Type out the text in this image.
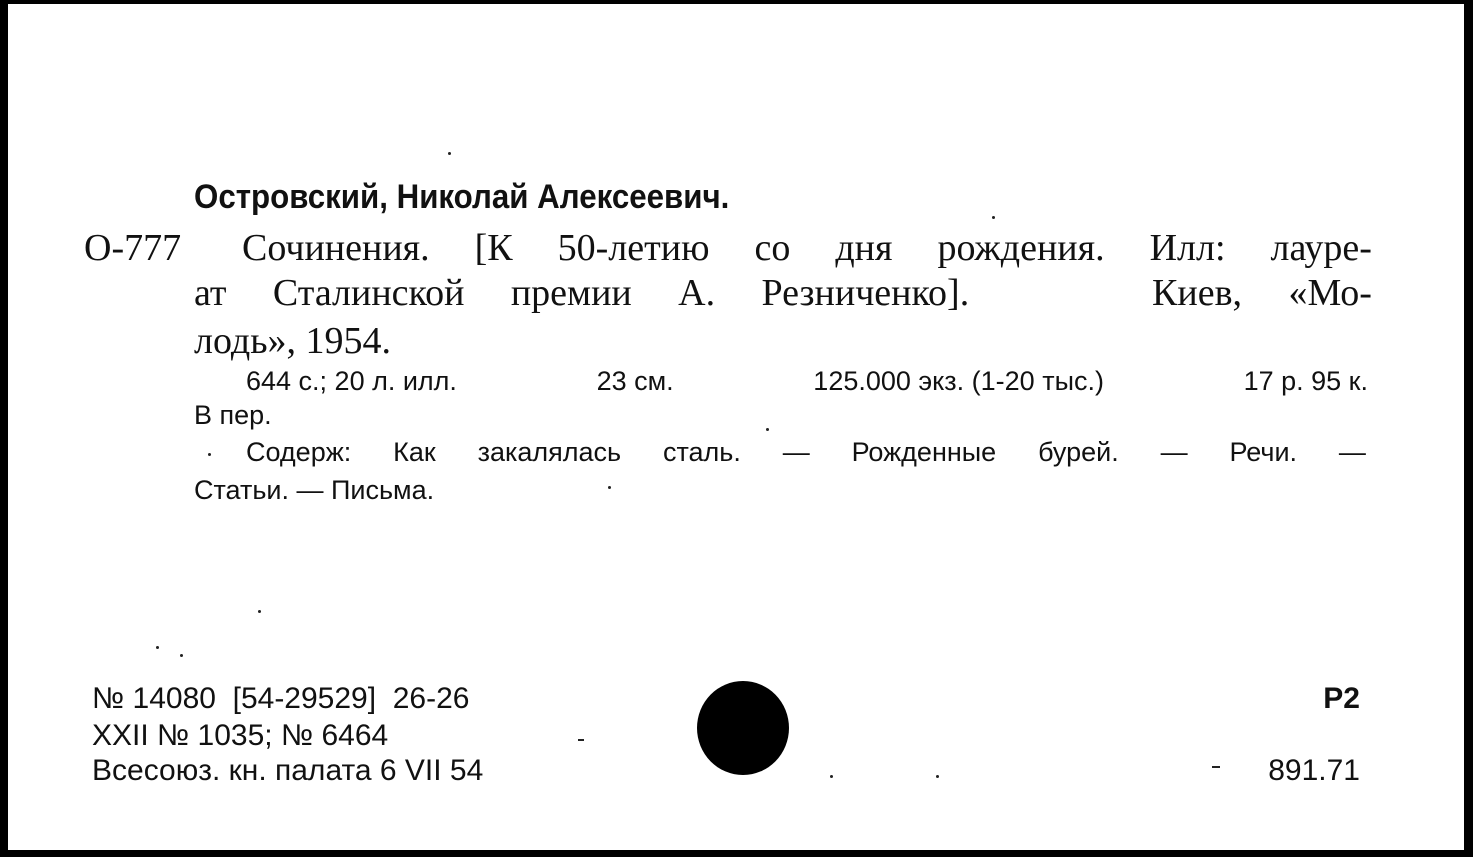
Островский, Николай Алексеевич.
О-777 Сочинения. [К 50-летию со дня рождения. Илл: лауре-
ат Сталинской премии А. Резниченко].	Киев, «Мо-
лодь», 1954.
644 с.; 20 л. илл.	23 см.	125.000 экз. (1-20 тыс.)	17 р. 95 к.
В пер.
Содерж: Как закалялась сталь. — Рожденные бурей. — Речи. —
Статьи. — Письма.
№ 14080  [54-29529]  26-26
XXII № 1035; № 6464
Всесоюз. кн. палата 6 VII 54
Р2
891.71
